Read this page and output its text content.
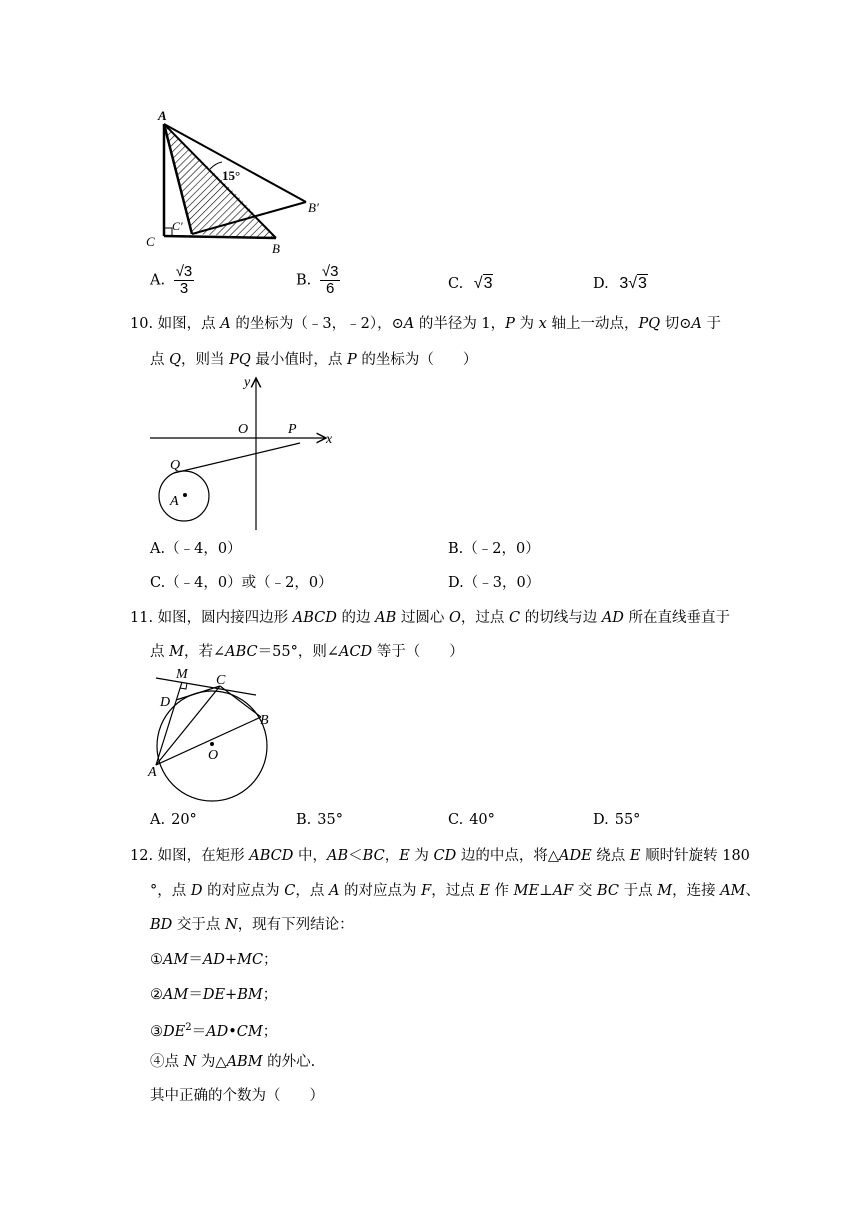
A
15°
B′
C′
C	B
A. $\frac{√3}{3}$	B. $\frac{√3}{6}$	C. √3	D. 3√3
10. 如图，点 A 的坐标为（﹣3，﹣2），⊙A 的半径为 1，P 为 x 轴上一动点，PQ 切⊙A 于
点 Q，则当 PQ 最小值时，点 P 的坐标为（　　）
y
x
O	P
Q
A
A.（﹣4，0）	B.（﹣2，0）
C.（﹣4，0）或（﹣2，0）	D.（﹣3，0）
11. 如图，圆内接四边形 ABCD 的边 AB 过圆心 O，过点 C 的切线与边 AD 所在直线垂直于
点 M，若∠ABC＝55°，则∠ACD 等于（　　）
M
D
C
B
O
A
A. 20°	B. 35°	C. 40°	D. 55°
12. 如图，在矩形 ABCD 中，AB＜BC，E 为 CD 边的中点，将△ADE 绕点 E 顺时针旋转 180
°，点 D 的对应点为 C，点 A 的对应点为 F，过点 E 作 ME⊥AF 交 BC 于点 M，连接 AM、
BD 交于点 N，现有下列结论：
①AM＝AD+MC；
②AM＝DE+BM；
$③DE^2=AD•CM$；
④点 N 为△ABM 的外心.
其中正确的个数为（　　）
